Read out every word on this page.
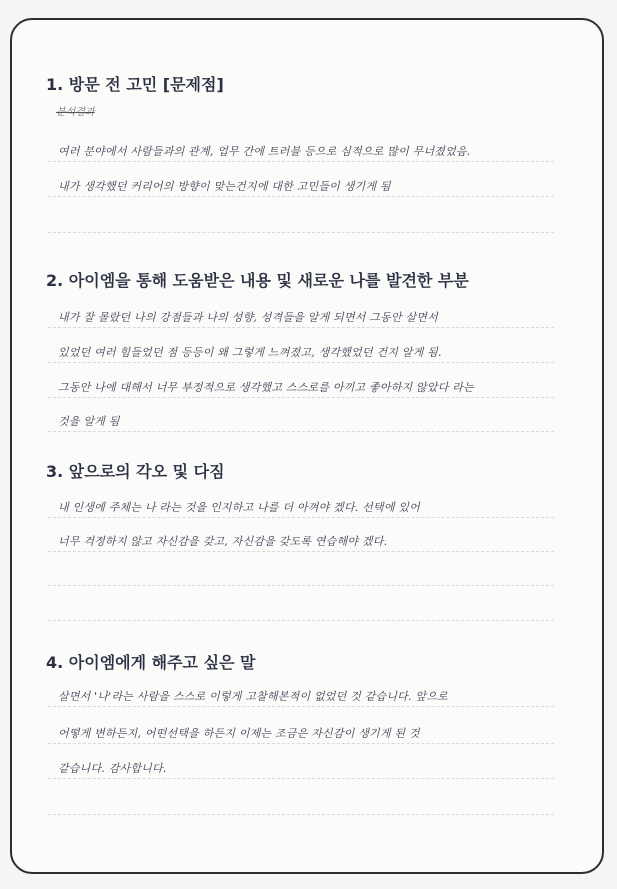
1. 방문 전 고민 [문제점]
분석결과

여러 분야에서 사람들과의 관계, 업무 간에 트러블 등으로 심적으로 많이 무너졌었음.

내가 생각했던 커리어의 방향이 맞는건지에 대한 고민들이 생기게 됨

2. 아이엠을 통해 도움받은 내용 및 새로운 나를 발견한 부분

내가 잘 몰랐던 나의 강점들과 나의 성향, 성격들을 알게 되면서 그동안 살면서

있었던 여러 힘들었던 점 등등이 왜 그렇게 느껴졌고, 생각했었던 건지 알게 됨.

그동안 나에 대해서 너무 부정적으로 생각했고 스스로를 아끼고 좋아하지 않았다 라는

것을 알게 됨

3. 앞으로의 각오 및 다짐

내 인생에 주체는 나 라는 것을 인지하고 나를 더 아껴야 겠다. 선택에 있어

너무 걱정하지 않고 자신감을 갖고, 자신감을 갖도록 연습해야 겠다.

4. 아이엠에게 해주고 싶은 말

살면서 '나'라는 사람을 스스로 이렇게 고찰해본적이 없었던 것 같습니다. 앞으로

어떻게 변하든지, 어떤선택을 하든지 이제는 조금은 자신감이 생기게 된 것

같습니다. 감사합니다.
